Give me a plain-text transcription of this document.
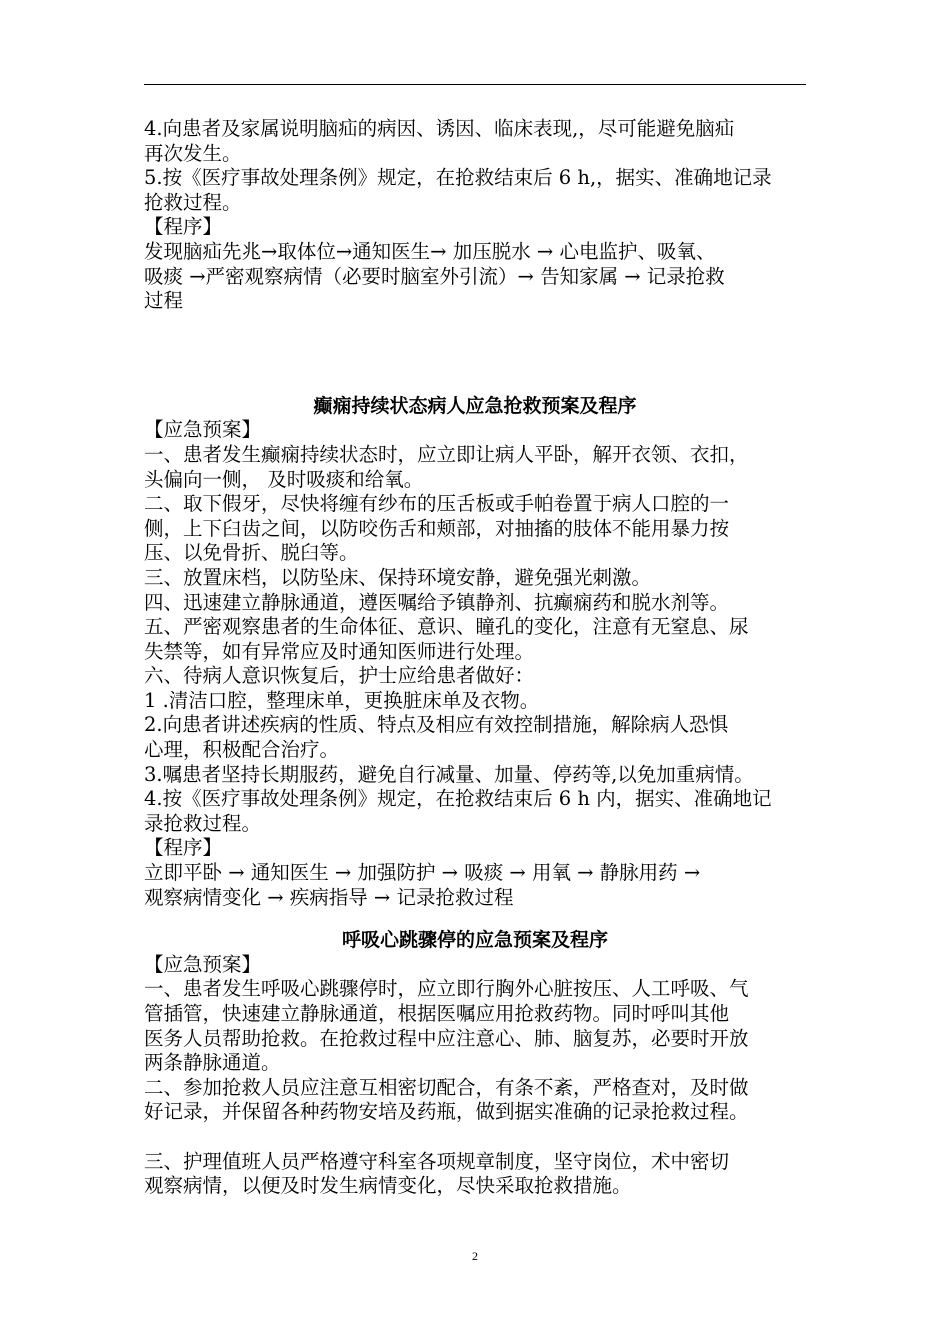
4.向患者及家属说明脑疝的病因、诱因、临床表现,，尽可能避免脑疝

再次发生。

5.按《医疗事故处理条例》规定，在抢救结束后 6 h,，据实、准确地记录

抢救过程。

【程序】

发现脑疝先兆→取体位→通知医生→ 加压脱水 → 心电监护、吸氧、

吸痰 →严密观察病情（必要时脑室外引流）→ 告知家属 → 记录抢救

过程

癫痫持续状态病人应急抢救预案及程序

【应急预案】

一、患者发生癫痫持续状态时，应立即让病人平卧，解开衣领、衣扣，

头偏向一侧， 及时吸痰和给氧。

二、取下假牙，尽快将缠有纱布的压舌板或手帕卷置于病人口腔的一

侧，上下臼齿之间，以防咬伤舌和颊部，对抽搐的肢体不能用暴力按

压、以免骨折、脱臼等。

三、放置床档，以防坠床、保持环境安静，避免强光刺激。

四、迅速建立静脉通道，遵医嘱给予镇静剂、抗癫痫药和脱水剂等。

五、严密观察患者的生命体征、意识、瞳孔的变化，注意有无窒息、尿

失禁等，如有异常应及时通知医师进行处理。

六、待病人意识恢复后，护士应给患者做好：

1 .清洁口腔，整理床单，更换脏床单及衣物。

2.向患者讲述疾病的性质、特点及相应有效控制措施，解除病人恐惧

心理，积极配合治疗。

3.嘱患者坚持长期服药，避免自行减量、加量、停药等,以免加重病情。

4.按《医疗事故处理条例》规定，在抢救结束后 6 h 内，据实、准确地记

录抢救过程。

【程序】

立即平卧 → 通知医生 → 加强防护 → 吸痰 → 用氧 → 静脉用药 →

观察病情变化 → 疾病指导 → 记录抢救过程

呼吸心跳骤停的应急预案及程序

【应急预案】

一、患者发生呼吸心跳骤停时，应立即行胸外心脏按压、人工呼吸、气

管插管，快速建立静脉通道，根据医嘱应用抢救药物。同时呼叫其他

医务人员帮助抢救。在抢救过程中应注意心、肺、脑复苏，必要时开放

两条静脉通道。

二、参加抢救人员应注意互相密切配合，有条不紊，严格查对，及时做

好记录，并保留各种药物安培及药瓶，做到据实准确的记录抢救过程。

三、护理值班人员严格遵守科室各项规章制度，坚守岗位，术中密切

观察病情，以便及时发生病情变化，尽快采取抢救措施。

2
